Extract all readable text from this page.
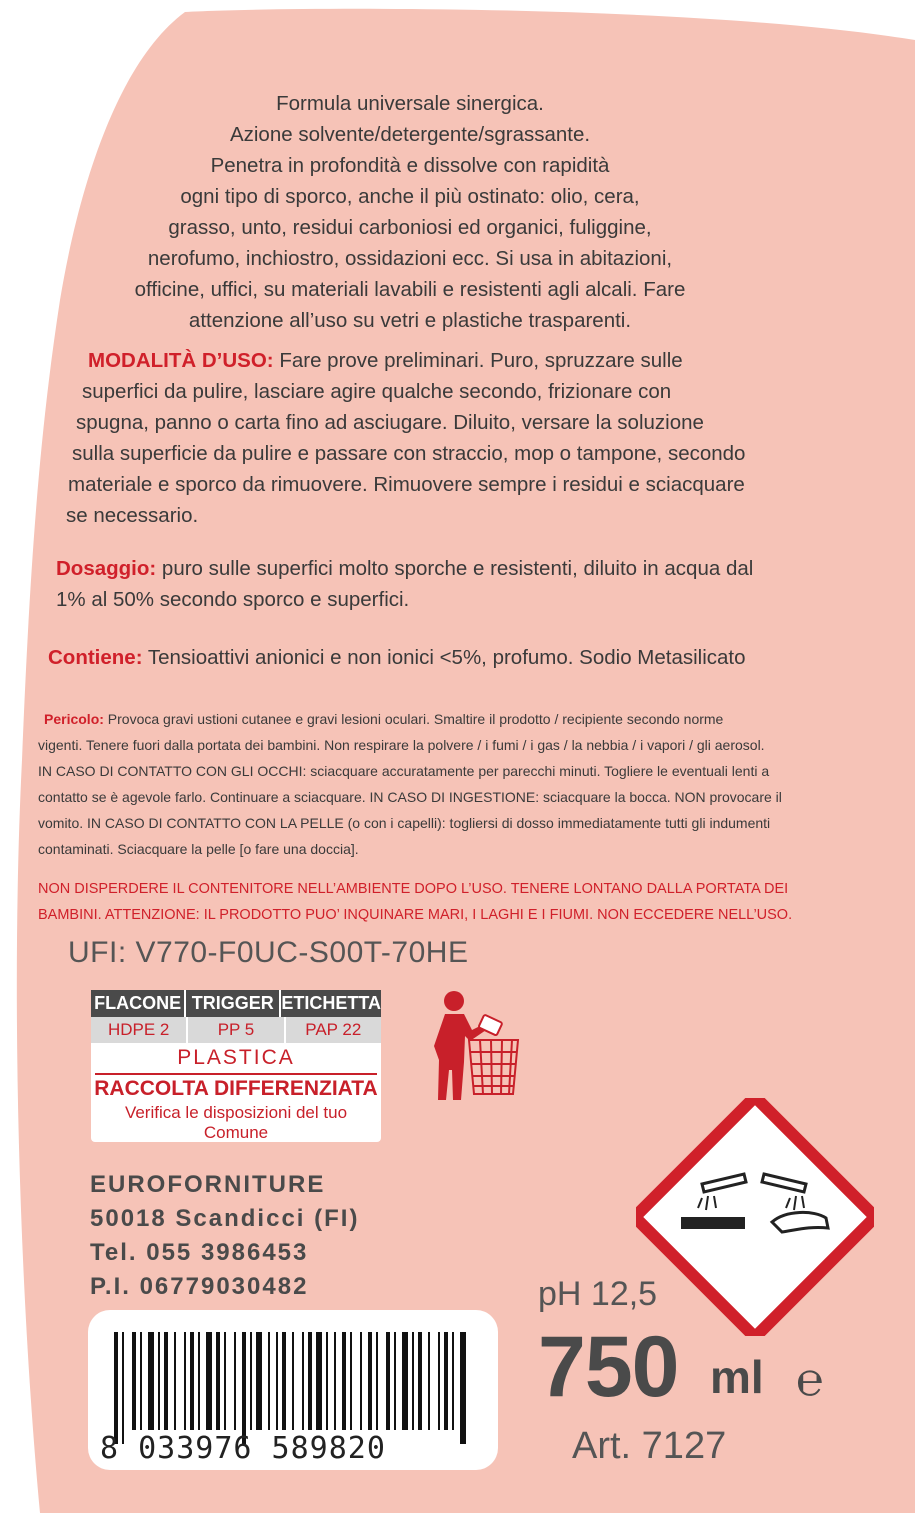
Formula universale sinergica.
Azione solvente/detergente/sgrassante.
Penetra in profondità e dissolve con rapidità
ogni tipo di sporco, anche il più ostinato: olio, cera,
grasso, unto, residui carboniosi ed organici, fuliggine,
nerofumo, inchiostro, ossidazioni ecc. Si usa in abitazioni,
officine, uffici, su materiali lavabili e resistenti agli alcali. Fare
attenzione all’uso su vetri e plastiche trasparenti.
MODALITÀ D’USO: Fare prove preliminari. Puro, spruzzare sulle
superfici da pulire, lasciare agire qualche secondo, frizionare con
spugna, panno o carta fino ad asciugare. Diluito, versare la soluzione
sulla superficie da pulire e passare con straccio, mop o tampone, secondo
materiale e sporco da rimuovere. Rimuovere sempre i residui e sciacquare
se necessario.
Dosaggio: puro sulle superfici molto sporche e resistenti, diluito in acqua dal
1% al 50% secondo sporco e superfici.
Contiene: Tensioattivi anionici e non ionici <5%, profumo. Sodio Metasilicato
Pericolo: Provoca gravi ustioni cutanee e gravi lesioni oculari. Smaltire il prodotto / recipiente secondo norme
vigenti. Tenere fuori dalla portata dei bambini. Non respirare la polvere / i fumi / i gas / la nebbia / i vapori / gli aerosol.
IN CASO DI CONTATTO CON GLI OCCHI: sciacquare accuratamente per parecchi minuti. Togliere le eventuali lenti a
contatto se è agevole farlo. Continuare a sciacquare. IN CASO DI INGESTIONE: sciacquare la bocca. NON provocare il
vomito. IN CASO DI CONTATTO CON LA PELLE (o con i capelli): togliersi di dosso immediatamente tutti gli indumenti
contaminati. Sciacquare la pelle [o fare una doccia].
NON DISPERDERE IL CONTENITORE NELL’AMBIENTE DOPO L’USO. TENERE LONTANO DALLA PORTATA DEI
BAMBINI. ATTENZIONE: IL PRODOTTO PUO’ INQUINARE MARI, I LAGHI E I FIUMI. NON ECCEDERE NELL’USO.
UFI: V770-F0UC-S00T-70HE
FLACONE TRIGGER ETICHETTA
HDPE 2	PP 5	PAP 22
PLASTICA
RACCOLTA DIFFERENZIATA
Verifica le disposizioni del tuo Comune
EUROFORNITURE
50018 Scandicci (FI)
Tel. 055 3986453
P.I. 06779030482
8 033976 589820
pH 12,5
750 ml ℮
Art. 7127
